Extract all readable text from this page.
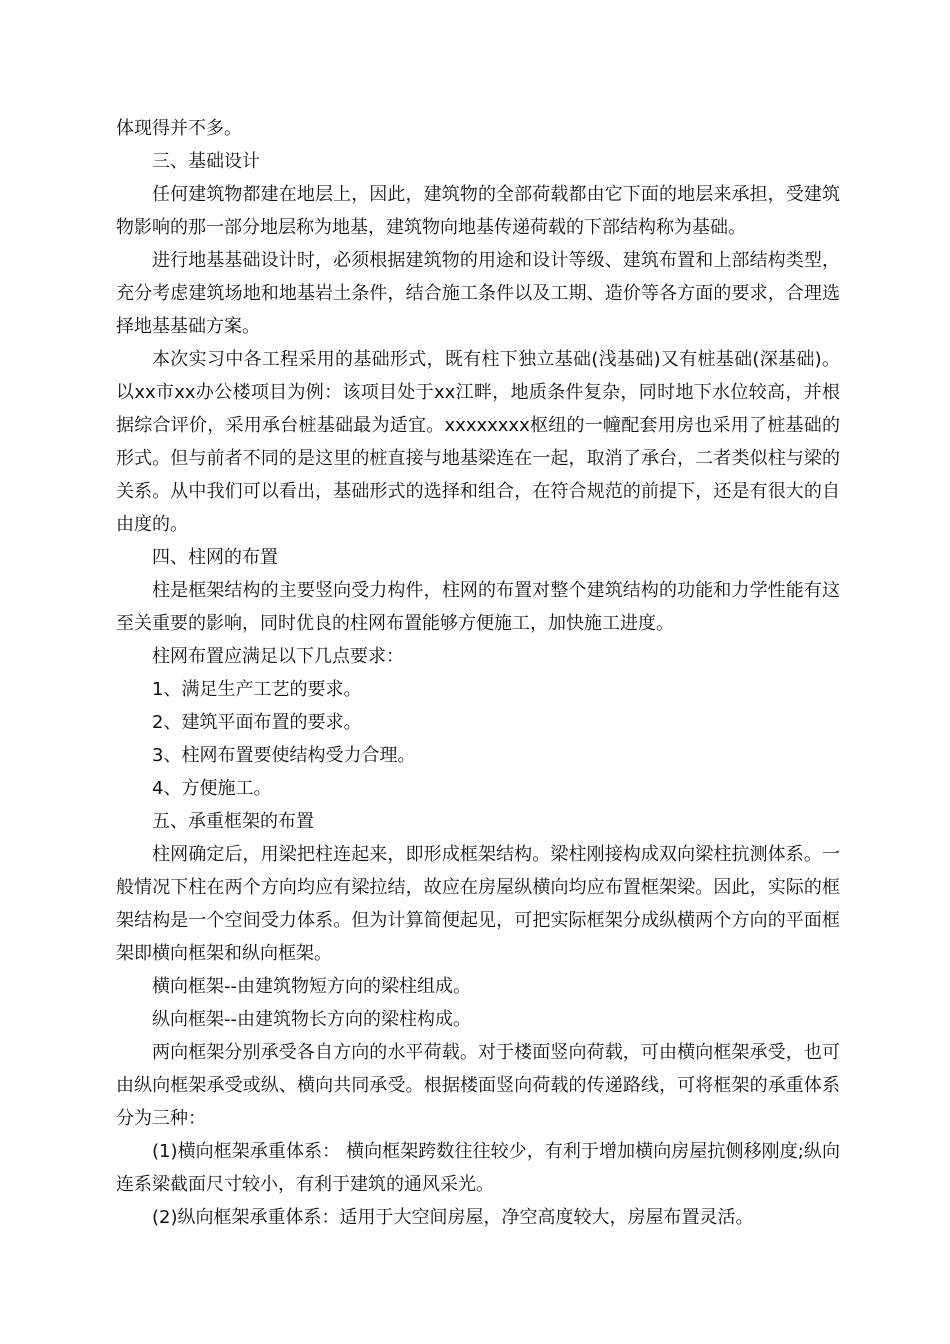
体现得并不多。

三、基础设计

任何建筑物都建在地层上，因此，建筑物的全部荷载都由它下面的地层来承担，受建筑物影响的那一部分地层称为地基，建筑物向地基传递荷载的下部结构称为基础。

进行地基基础设计时，必须根据建筑物的用途和设计等级、建筑布置和上部结构类型，充分考虑建筑场地和地基岩土条件，结合施工条件以及工期、造价等各方面的要求，合理选择地基基础方案。

本次实习中各工程采用的基础形式，既有柱下独立基础(浅基础)又有桩基础(深基础)。以xx市xx办公楼项目为例：该项目处于xx江畔，地质条件复杂，同时地下水位较高，并根据综合评价，采用承台桩基础最为适宜。xxxxxxxx枢纽的一幢配套用房也采用了桩基础的形式。但与前者不同的是这里的桩直接与地基梁连在一起，取消了承台，二者类似柱与梁的关系。从中我们可以看出，基础形式的选择和组合，在符合规范的前提下，还是有很大的自由度的。

四、柱网的布置

柱是框架结构的主要竖向受力构件，柱网的布置对整个建筑结构的功能和力学性能有这至关重要的影响，同时优良的柱网布置能够方便施工，加快施工进度。

柱网布置应满足以下几点要求：

1、满足生产工艺的要求。

2、建筑平面布置的要求。

3、柱网布置要使结构受力合理。

4、方便施工。

五、承重框架的布置

柱网确定后，用梁把柱连起来，即形成框架结构。梁柱刚接构成双向梁柱抗测体系。一般情况下柱在两个方向均应有梁拉结，故应在房屋纵横向均应布置框架梁。因此，实际的框架结构是一个空间受力体系。但为计算简便起见，可把实际框架分成纵横两个方向的平面框架即横向框架和纵向框架。

横向框架--由建筑物短方向的梁柱组成。

纵向框架--由建筑物长方向的梁柱构成。

两向框架分别承受各自方向的水平荷载。对于楼面竖向荷载，可由横向框架承受，也可由纵向框架承受或纵、横向共同承受。根据楼面竖向荷载的传递路线，可将框架的承重体系分为三种：

(1)横向框架承重体系： 横向框架跨数往往较少，有利于增加横向房屋抗侧移刚度;纵向连系梁截面尺寸较小，有利于建筑的通风采光。

(2)纵向框架承重体系：适用于大空间房屋，净空高度较大，房屋布置灵活。
